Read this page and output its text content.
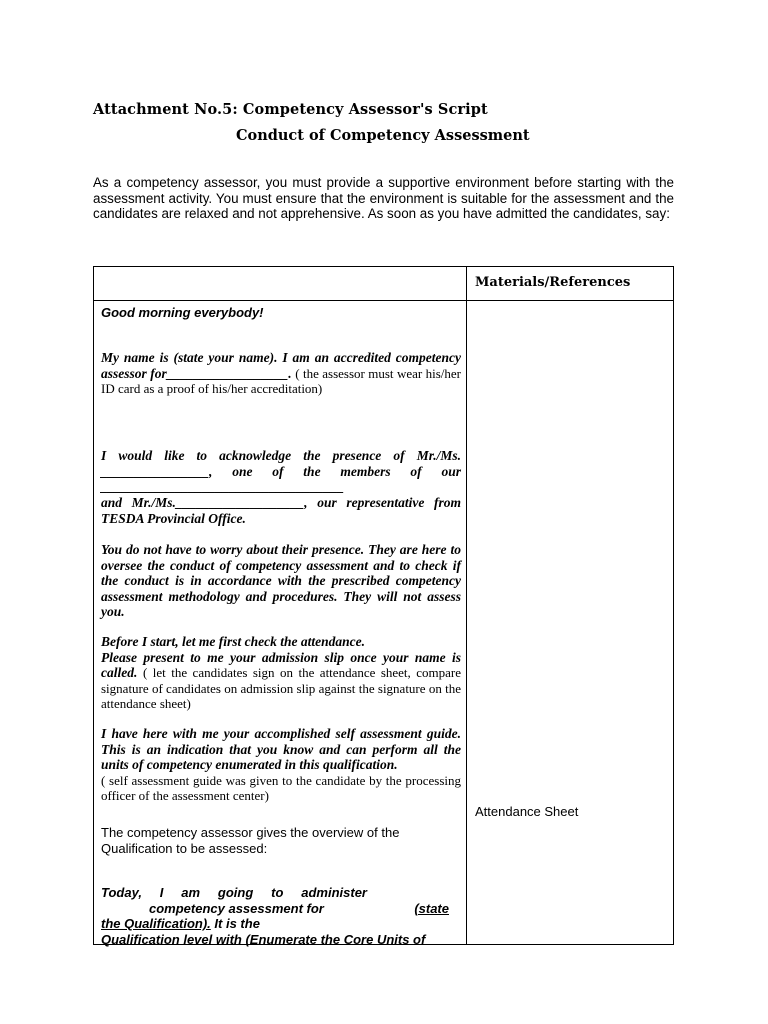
Attachment No.5: Competency Assessor's Script
Conduct of Competency Assessment
As a competency assessor, you must provide a supportive environment before starting with the assessment activity. You must ensure that the environment is suitable for the assessment and the candidates are relaxed and not apprehensive. As soon as you have admitted the candidates, say:
Materials/References
Good morning everybody!
My name is (state your name). I am an accredited competency assessor for__________________. ( the assessor must wear his/her ID card as a proof of his/her accreditation)
I would like to acknowledge the presence of Mr./Ms. ________________, one of the members of our ____________________________________
and Mr./Ms.___________________, our representative from TESDA Provincial Office.
You do not have to worry about their presence. They are here to oversee the conduct of competency assessment and to check if the conduct is in accordance with the prescribed competency assessment methodology and procedures. They will not assess you.
Before I start, let me first check the attendance.
Please present to me your admission slip once your name is called. ( let the candidates sign on the attendance sheet, compare signature of candidates on admission slip against the signature on the attendance sheet)
I have here with me your accomplished self assessment guide. This is an indication that you know and can perform all the units of competency enumerated in this qualification.
( self assessment guide was given to the candidate by the processing officer of the assessment center)
The competency assessor gives the overview of the Qualification to be assessed:
Today, I am going to administer
competency assessment for	(state
the Qualification). It is the
Qualification level with (Enumerate the Core Units of
Attendance Sheet
